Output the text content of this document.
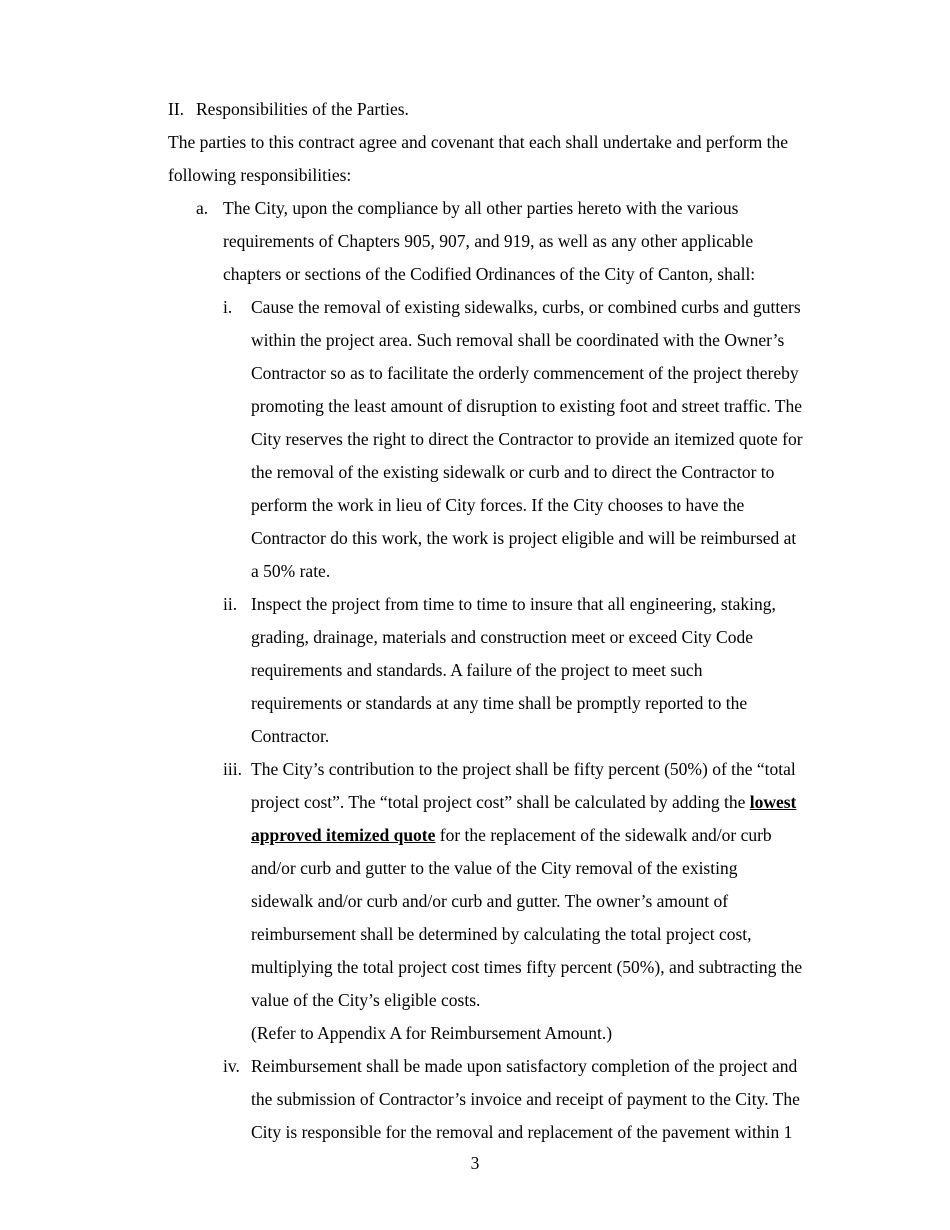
II. Responsibilities of the Parties.
The parties to this contract agree and covenant that each shall undertake and perform the
following responsibilities:
a. The City, upon the compliance by all other parties hereto with the various
requirements of Chapters 905, 907, and 919, as well as any other applicable
chapters or sections of the Codified Ordinances of the City of Canton, shall:
i. Cause the removal of existing sidewalks, curbs, or combined curbs and gutters
within the project area. Such removal shall be coordinated with the Owner’s
Contractor so as to facilitate the orderly commencement of the project thereby
promoting the least amount of disruption to existing foot and street traffic. The
City reserves the right to direct the Contractor to provide an itemized quote for
the removal of the existing sidewalk or curb and to direct the Contractor to
perform the work in lieu of City forces. If the City chooses to have the
Contractor do this work, the work is project eligible and will be reimbursed at
a 50% rate.
ii. Inspect the project from time to time to insure that all engineering, staking,
grading, drainage, materials and construction meet or exceed City Code
requirements and standards. A failure of the project to meet such
requirements or standards at any time shall be promptly reported to the
Contractor.
iii. The City’s contribution to the project shall be fifty percent (50%) of the “total
project cost”. The “total project cost” shall be calculated by adding the lowest
approved itemized quote for the replacement of the sidewalk and/or curb
and/or curb and gutter to the value of the City removal of the existing
sidewalk and/or curb and/or curb and gutter. The owner’s amount of
reimbursement shall be determined by calculating the total project cost,
multiplying the total project cost times fifty percent (50%), and subtracting the
value of the City’s eligible costs.
(Refer to Appendix A for Reimbursement Amount.)
iv. Reimbursement shall be made upon satisfactory completion of the project and
the submission of Contractor’s invoice and receipt of payment to the City. The
City is responsible for the removal and replacement of the pavement within 1
3
